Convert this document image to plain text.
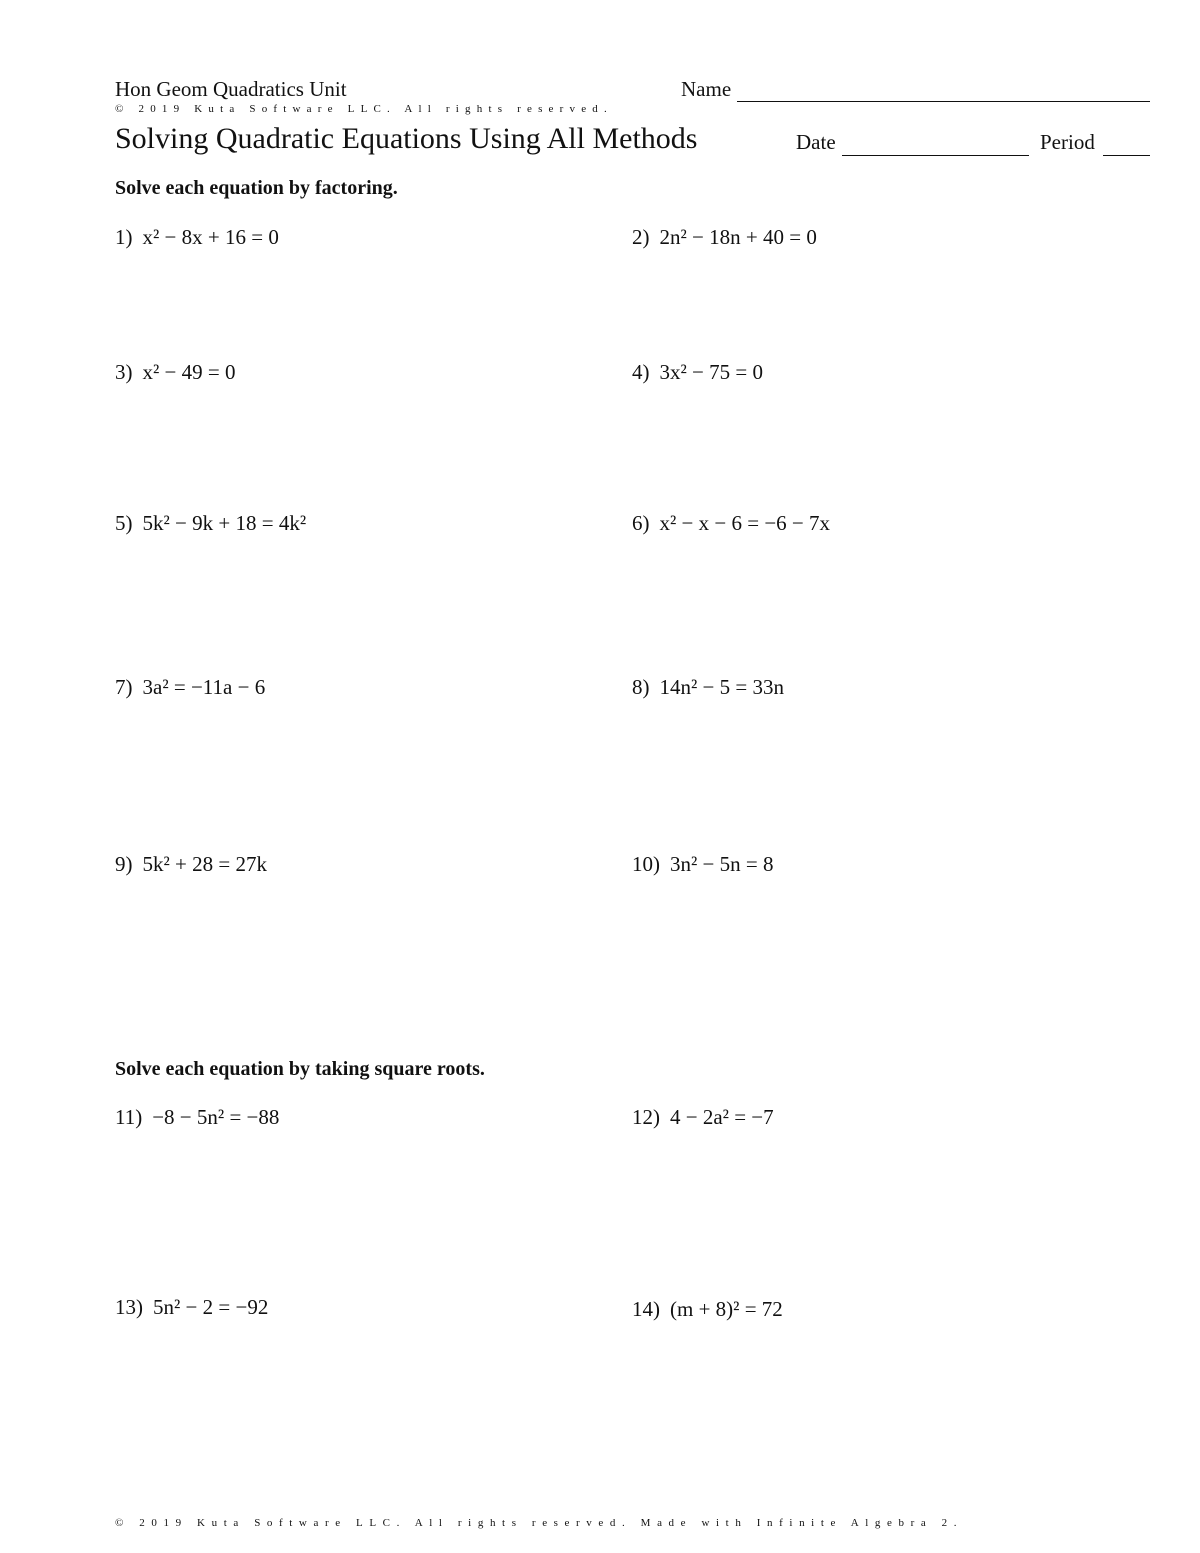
Hon Geom Quadratics Unit	Name
© 2019 Kuta Software LLC. All rights reserved.
Solving Quadratic Equations Using All Methods	Date	Period
Solve each equation by factoring.
1) x² − 8x + 16 = 0	2) 2n² − 18n + 40 = 0
3) x² − 49 = 0	4) 3x² − 75 = 0
5) 5k² − 9k + 18 = 4k²	6) x² − x − 6 = −6 − 7x
7) 3a² = −11a − 6	8) 14n² − 5 = 33n
9) 5k² + 28 = 27k	10) 3n² − 5n = 8
Solve each equation by taking square roots.
11) −8 − 5n² = −88	12) 4 − 2a² = −7
13) 5n² − 2 = −92	14) (m + 8)² = 72
© 2019 Kuta Software LLC. All rights reserved. Made with Infinite Algebra 2.
